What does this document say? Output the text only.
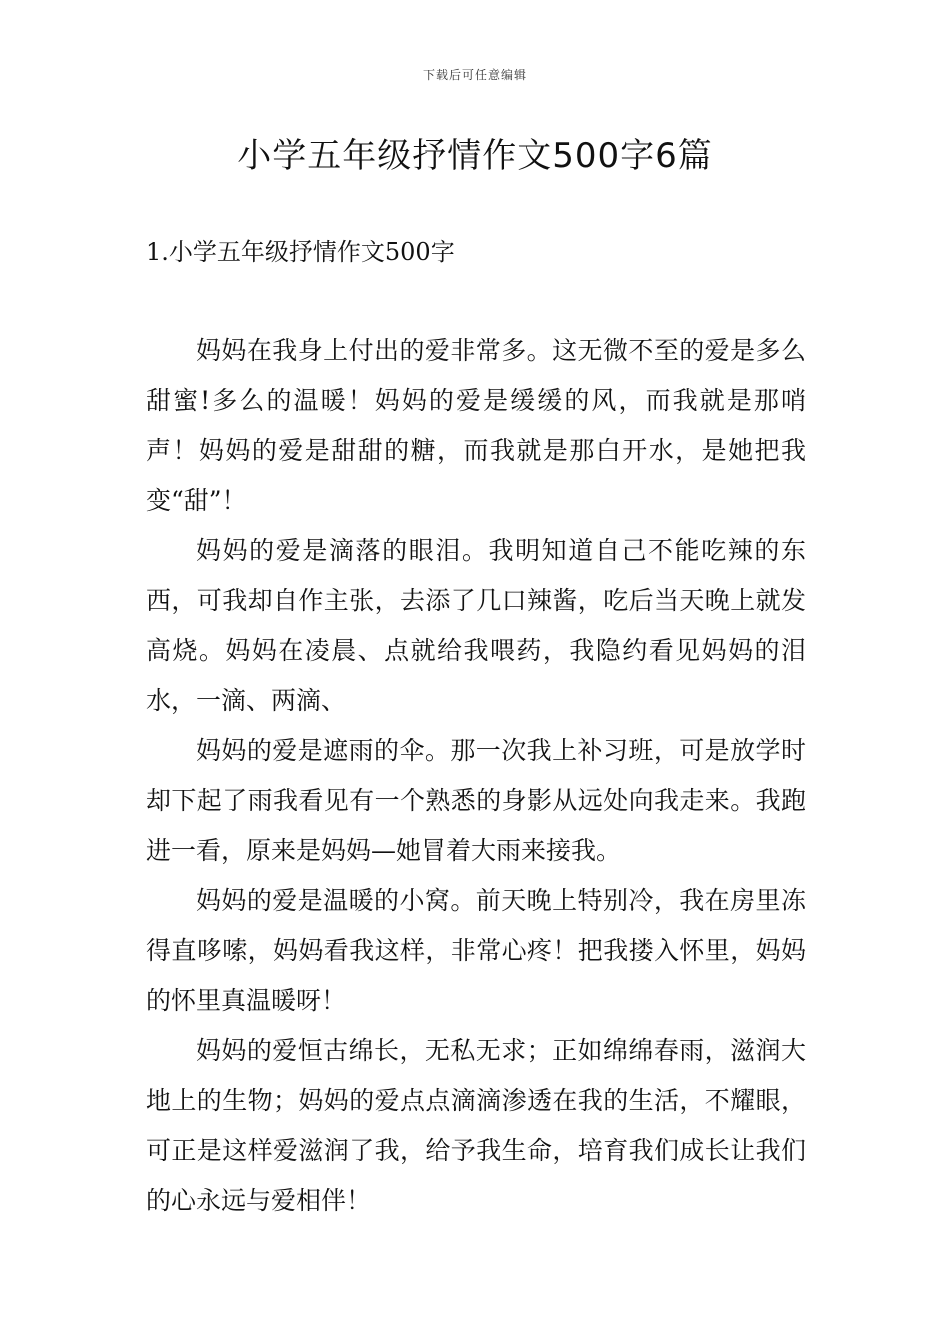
下载后可任意编辑
小学五年级抒情作文500字6篇
1.小学五年级抒情作文500字

妈妈在我身上付出的爱非常多。这无微不至的爱是多么甜蜜!多么的温暖！妈妈的爱是缓缓的风，而我就是那哨声！妈妈的爱是甜甜的糖，而我就是那白开水，是她把我变“甜”！

妈妈的爱是滴落的眼泪。我明知道自己不能吃辣的东西，可我却自作主张，去添了几口辣酱，吃后当天晚上就发高烧。妈妈在凌晨、点就给我喂药，我隐约看见妈妈的泪水，一滴、两滴、

妈妈的爱是遮雨的伞。那一次我上补习班，可是放学时却下起了雨我看见有一个熟悉的身影从远处向我走来。我跑进一看，原来是妈妈—她冒着大雨来接我。

妈妈的爱是温暖的小窝。前天晚上特别冷，我在房里冻得直哆嗦，妈妈看我这样，非常心疼！把我搂入怀里，妈妈的怀里真温暖呀！

妈妈的爱恒古绵长，无私无求；正如绵绵春雨，滋润大地上的生物；妈妈的爱点点滴滴渗透在我的生活，不耀眼，可正是这样爱滋润了我，给予我生命，培育我们成长让我们的心永远与爱相伴！
